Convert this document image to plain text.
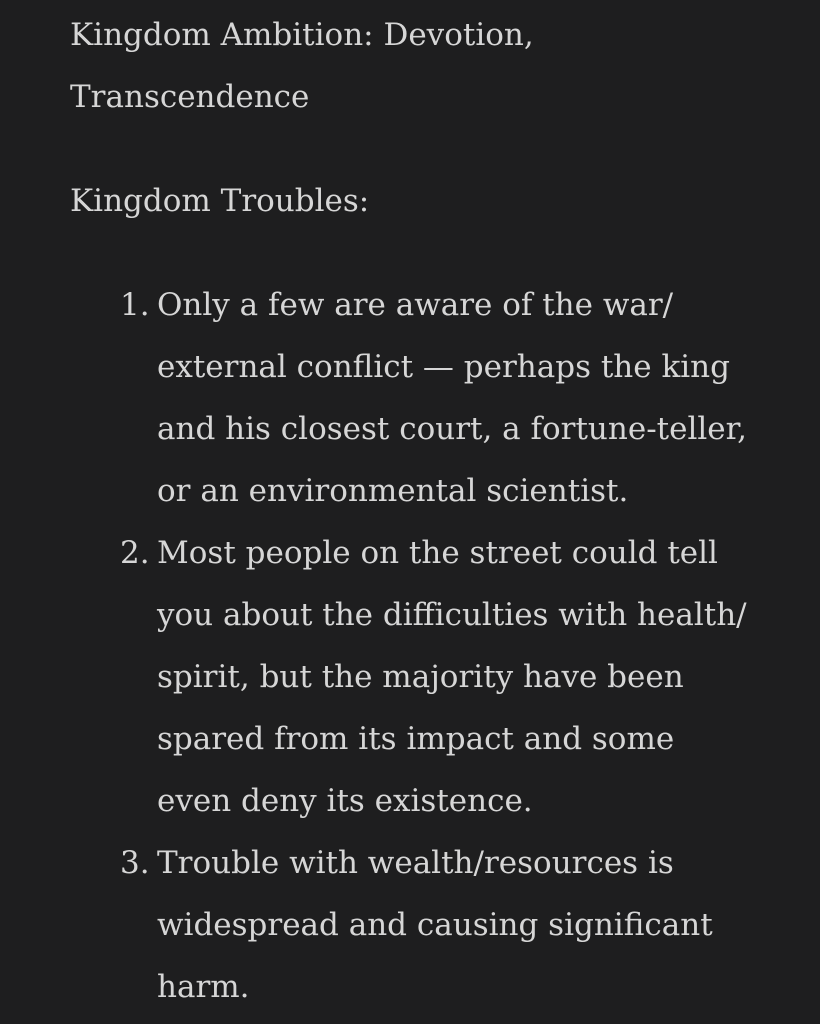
Kingdom Ambition: Devotion, Transcendence

Kingdom Troubles:

1. Only a few are aware of the war/ external conflict — perhaps the king and his closest court, a fortune-teller, or an environmental scientist.
2. Most people on the street could tell you about the difficulties with health/ spirit, but the majority have been spared from its impact and some even deny its existence.
3. Trouble with wealth/resources is widespread and causing significant harm.
